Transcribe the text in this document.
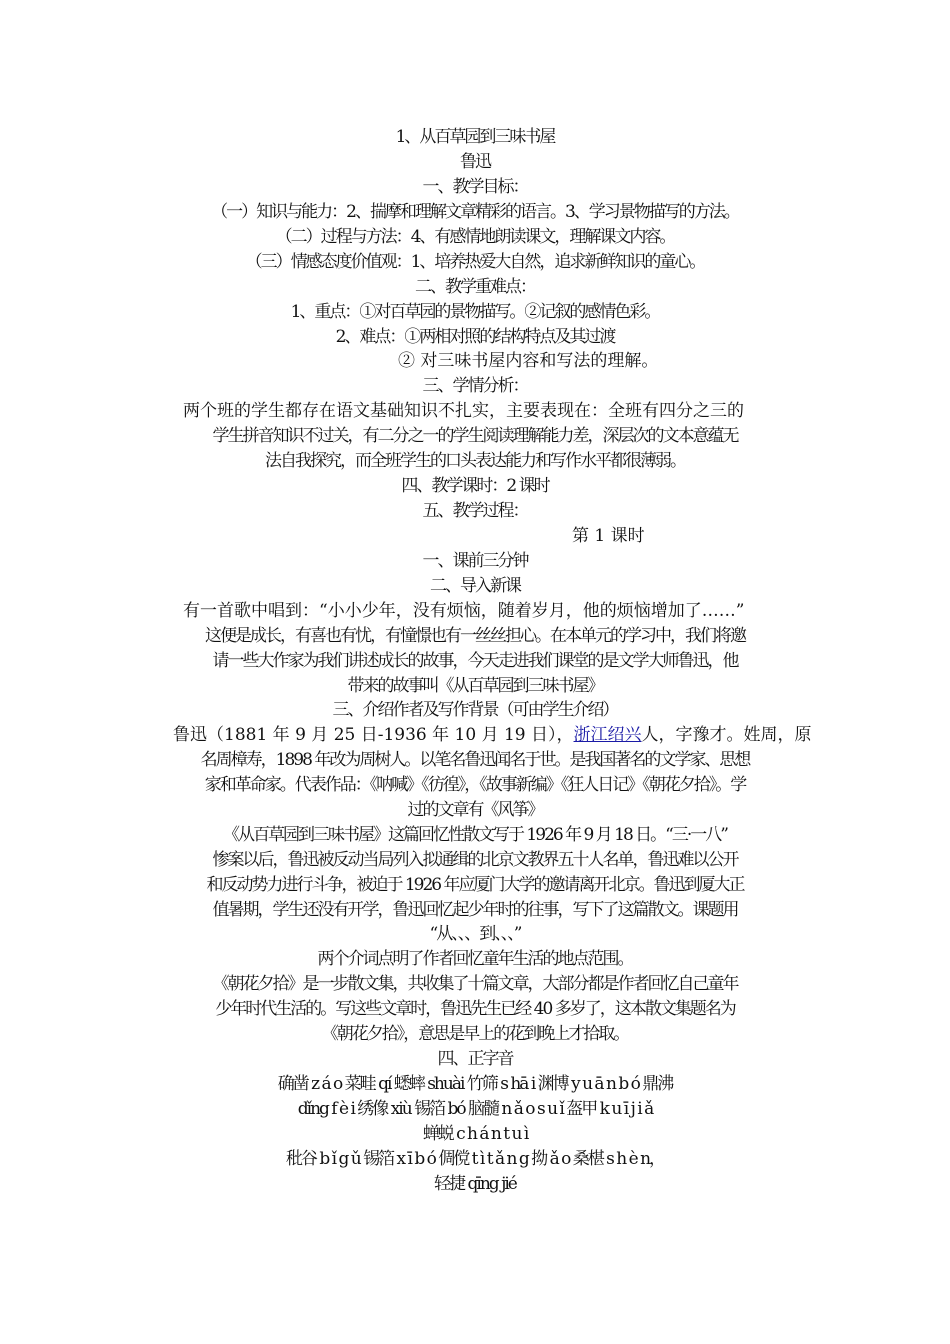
1、从百草园到三味书屋
鲁迅
一、教学目标：
（一）知识与能力：2、揣摩和理解文章精彩的语言。3、学习景物描写的方法。
（二）过程与方法：4、有感情地朗读课文，理解课文内容。
（三）情感态度价值观：1、培养热爱大自然，追求新鲜知识的童心。
二、教学重难点：
1、重点：①对百草园的景物描写。②记叙的感情色彩。
2、难点：①两相对照的结构特点及其过渡
② 对三味书屋内容和写法的理解。
三、学情分析：
两个班的学生都存在语文基础知识不扎实，主要表现在：全班有四分之三的
学生拼音知识不过关，有二分之一的学生阅读理解能力差，深层次的文本意蕴无
法自我探究，而全班学生的口头表达能力和写作水平都很薄弱。
四、教学课时：2 课时
五、教学过程：
第 1 课时
一、课前三分钟
二、导入新课
有一首歌中唱到：“小小少年，没有烦恼，随着岁月，他的烦恼增加了……”
这便是成长，有喜也有忧，有憧憬也有一丝丝担心。在本单元的学习中，我们将邀
请一些大作家为我们讲述成长的故事，今天走进我们课堂的是文学大师鲁迅，他
带来的故事叫《从百草园到三味书屋》
三、介绍作者及写作背景（可由学生介绍）
鲁迅（1881 年 9 月 25 日-1936 年 10 月 19 日），浙江绍兴人，字豫才。姓周，原
名周樟寿，1898 年改为周树人。以笔名鲁迅闻名于世。是我国著名的文学家、思想
家和革命家。代表作品：《呐喊》《彷徨》，《故事新编》《狂人日记》《朝花夕拾》。学
过的文章有《风筝》
《从百草园到三味书屋》这篇回忆性散文写于 1926 年 9 月 18 日。“三·一八”
惨案以后，鲁迅被反动当局列入拟通缉的北京文教界五十人名单，鲁迅难以公开
和反动势力进行斗争，被迫于 1926 年应厦门大学的邀请离开北京。鲁迅到厦大正
值暑期，学生还没有开学，鲁迅回忆起少年时的往事，写下了这篇散文。课题用
“从、、、到、、、”
两个介词点明了作者回忆童年生活的地点范围。
《朝花夕拾》是一步散文集，共收集了十篇文章，大部分都是作者回忆自己童年
少年时代生活的。写这些文章时，鲁迅先生已经 40 多岁了，这本散文集题名为
《朝花夕拾》，意思是早上的花到晚上才拾取。
四、正字音
确凿 z á o 菜畦 qí 蟋蟀 shuài 竹筛 s hā i 渊博 y u ā n b ó 鼎沸
dǐng f è i 绣像 xiù 锡箔 bó 脑髓 n ǎ o s u ǐ 盔甲 k u ī j i ǎ
蝉蜕 c h á n t u ì
秕谷 b ǐ g ǔ 锡箔 x ī b ó 倜傥 t ì t ǎ n g 拗 ǎ o 桑椹 s h è n，
轻捷 qīng jié
